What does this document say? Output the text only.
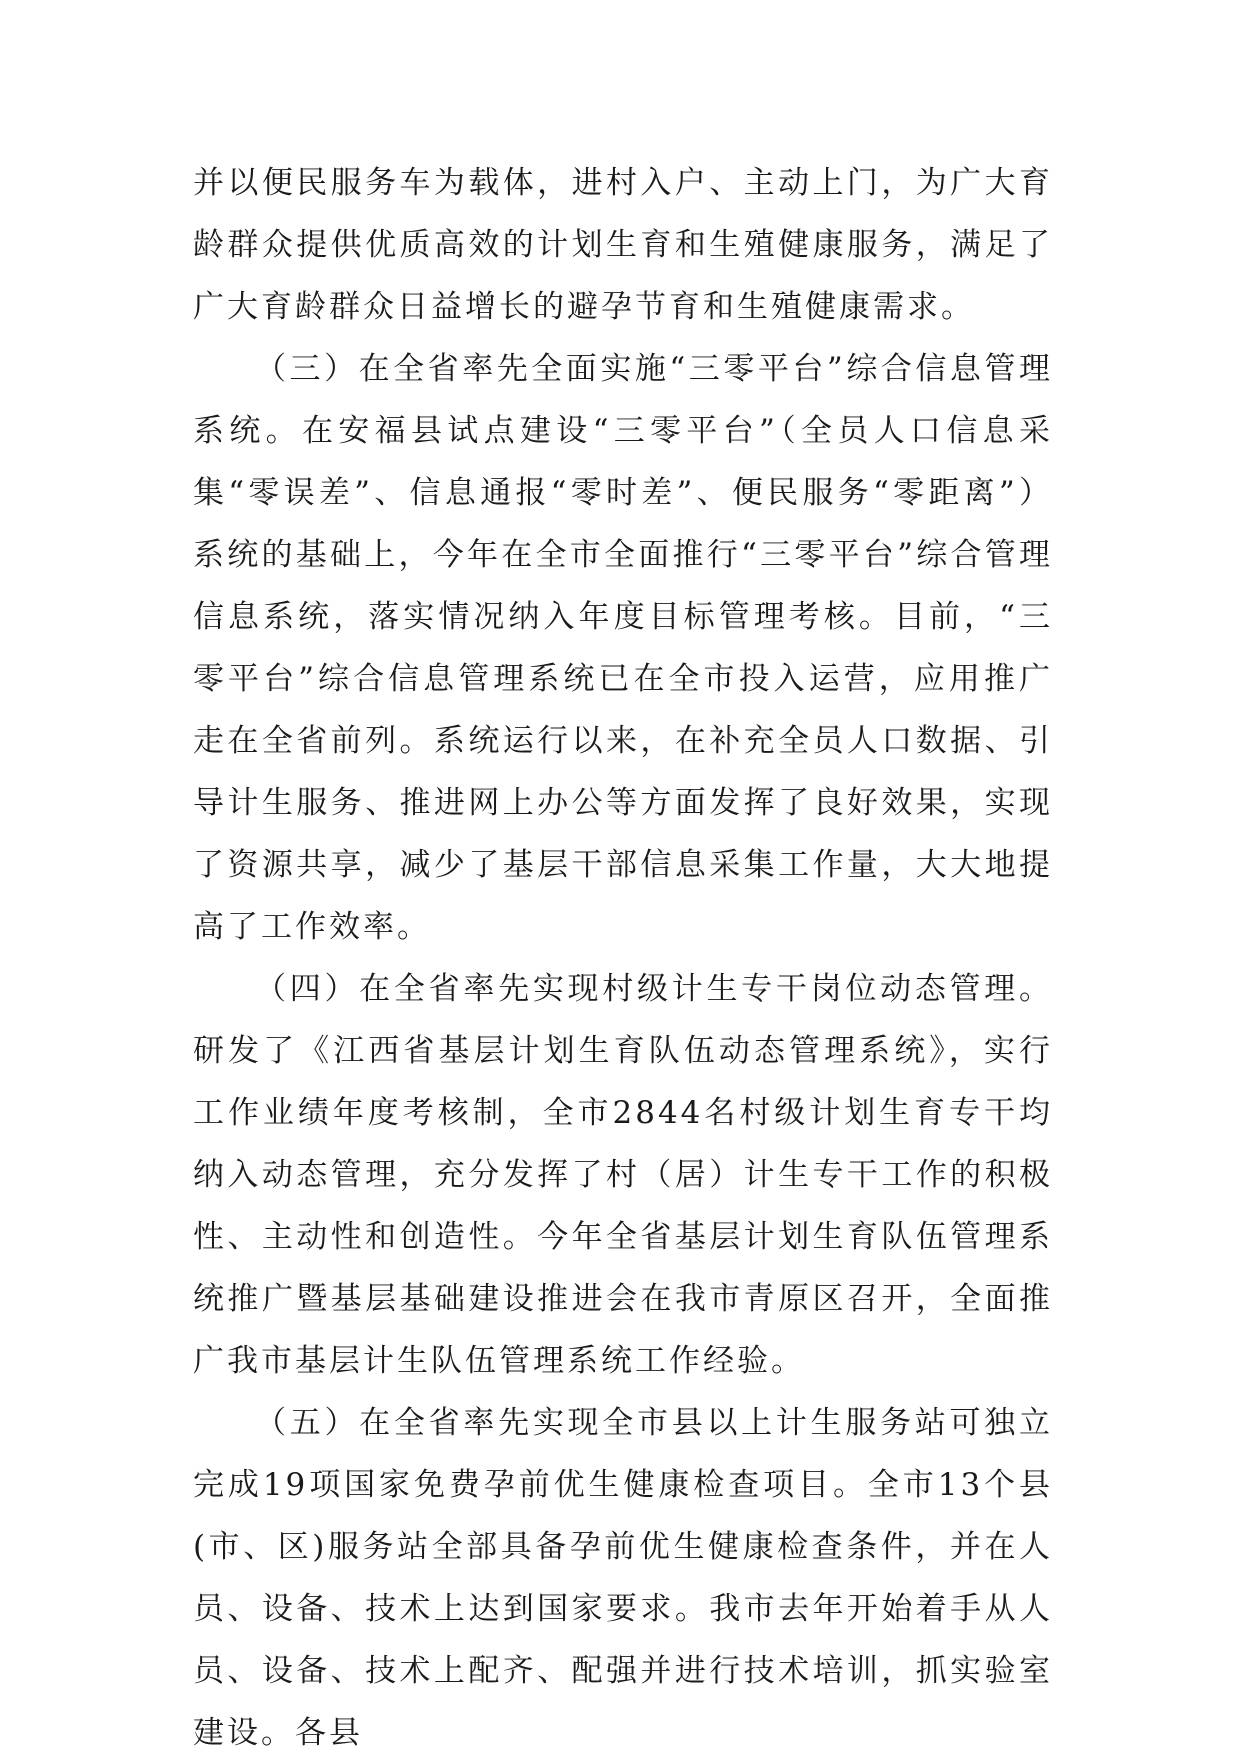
并以便民服务车为载体，进村入户、主动上门，为广大育龄群众提供优质高效的计划生育和生殖健康服务，满足了广大育龄群众日益增长的避孕节育和生殖健康需求。

（三）在全省率先全面实施“三零平台”综合信息管理系统。在安福县试点建设“三零平台”（全员人口信息采集“零误差”、信息通报“零时差”、便民服务“零距离”）系统的基础上，今年在全市全面推行“三零平台”综合管理信息系统，落实情况纳入年度目标管理考核。目前，“三零平台”综合信息管理系统已在全市投入运营，应用推广走在全省前列。系统运行以来，在补充全员人口数据、引导计生服务、推进网上办公等方面发挥了良好效果，实现了资源共享，减少了基层干部信息采集工作量，大大地提高了工作效率。

（四）在全省率先实现村级计生专干岗位动态管理。研发了《江西省基层计划生育队伍动态管理系统》，实行工作业绩年度考核制，全市2844名村级计划生育专干均纳入动态管理，充分发挥了村（居）计生专干工作的积极性、主动性和创造性。今年全省基层计划生育队伍管理系统推广暨基层基础建设推进会在我市青原区召开，全面推广我市基层计生队伍管理系统工作经验。

（五）在全省率先实现全市县以上计生服务站可独立完成19项国家免费孕前优生健康检查项目。全市13个县(市、区)服务站全部具备孕前优生健康检查条件，并在人员、设备、技术上达到国家要求。我市去年开始着手从人员、设备、技术上配齐、配强并进行技术培训，抓实验室建设。各县
